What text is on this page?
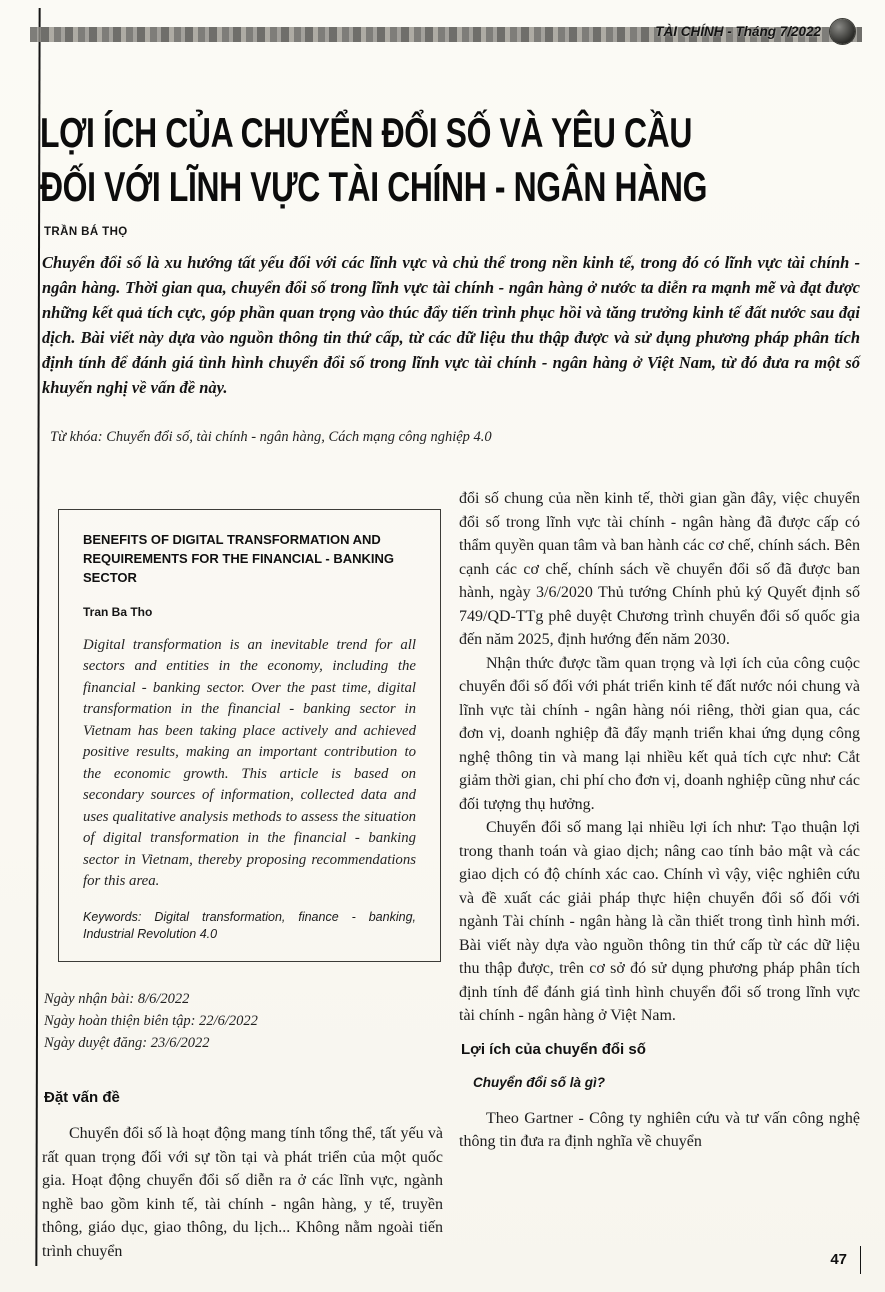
TÀI CHÍNH - Tháng 7/2022
LỢI ÍCH CỦA CHUYỂN ĐỔI SỐ VÀ YÊU CẦU
ĐỐI VỚI LĨNH VỰC TÀI CHÍNH - NGÂN HÀNG
TRẦN BÁ THỌ
Chuyển đổi số là xu hướng tất yếu đối với các lĩnh vực và chủ thể trong nền kinh tế, trong đó có lĩnh vực tài chính - ngân hàng. Thời gian qua, chuyển đổi số trong lĩnh vực tài chính - ngân hàng ở nước ta diễn ra mạnh mẽ và đạt được những kết quả tích cực, góp phần quan trọng vào thúc đẩy tiến trình phục hồi và tăng trưởng kinh tế đất nước sau đại dịch. Bài viết này dựa vào nguồn thông tin thứ cấp, từ các dữ liệu thu thập được và sử dụng phương pháp phân tích định tính để đánh giá tình hình chuyển đổi số trong lĩnh vực tài chính - ngân hàng ở Việt Nam, từ đó đưa ra một số khuyến nghị về vấn đề này.
Từ khóa: Chuyển đổi số, tài chính - ngân hàng, Cách mạng công nghiệp 4.0
BENEFITS OF DIGITAL TRANSFORMATION AND REQUIREMENTS FOR THE FINANCIAL - BANKING SECTOR
Tran Ba Tho
Digital transformation is an inevitable trend for all sectors and entities in the economy, including the financial - banking sector. Over the past time, digital transformation in the financial - banking sector in Vietnam has been taking place actively and achieved positive results, making an important contribution to the economic growth. This article is based on secondary sources of information, collected data and uses qualitative analysis methods to assess the situation of digital transformation in the financial - banking sector in Vietnam, thereby proposing recommendations for this area.
Keywords: Digital transformation, finance - banking, Industrial Revolution 4.0
Ngày nhận bài: 8/6/2022
Ngày hoàn thiện biên tập: 22/6/2022
Ngày duyệt đăng: 23/6/2022
Đặt vấn đề

Chuyển đổi số là hoạt động mang tính tổng thể, tất yếu và rất quan trọng đối với sự tồn tại và phát triển của một quốc gia. Hoạt động chuyển đổi số diễn ra ở các lĩnh vực, ngành nghề bao gồm kinh tế, tài chính - ngân hàng, y tế, truyền thông, giáo dục, giao thông, du lịch... Không nằm ngoài tiến trình chuyển

đổi số chung của nền kinh tế, thời gian gần đây, việc chuyển đổi số trong lĩnh vực tài chính - ngân hàng đã được cấp có thẩm quyền quan tâm và ban hành các cơ chế, chính sách. Bên cạnh các cơ chế, chính sách về chuyển đổi số đã được ban hành, ngày 3/6/2020 Thủ tướng Chính phủ ký Quyết định số 749/QD-TTg phê duyệt Chương trình chuyển đổi số quốc gia đến năm 2025, định hướng đến năm 2030.

Nhận thức được tầm quan trọng và lợi ích của công cuộc chuyển đổi số đối với phát triển kinh tế đất nước nói chung và lĩnh vực tài chính - ngân hàng nói riêng, thời gian qua, các đơn vị, doanh nghiệp đã đẩy mạnh triển khai ứng dụng công nghệ thông tin và mang lại nhiều kết quả tích cực như: Cắt giảm thời gian, chi phí cho đơn vị, doanh nghiệp cũng như các đối tượng thụ hưởng.

Chuyển đổi số mang lại nhiều lợi ích như: Tạo thuận lợi trong thanh toán và giao dịch; nâng cao tính bảo mật và các giao dịch có độ chính xác cao. Chính vì vậy, việc nghiên cứu và đề xuất các giải pháp thực hiện chuyển đổi số đối với ngành Tài chính - ngân hàng là cần thiết trong tình hình mới. Bài viết này dựa vào nguồn thông tin thứ cấp từ các dữ liệu thu thập được, trên cơ sở đó sử dụng phương pháp phân tích định tính để đánh giá tình hình chuyển đổi số trong lĩnh vực tài chính - ngân hàng ở Việt Nam.

Lợi ích của chuyển đổi số
Chuyển đổi số là gì?

Theo Gartner - Công ty nghiên cứu và tư vấn công nghệ thông tin đưa ra định nghĩa về chuyển

47
